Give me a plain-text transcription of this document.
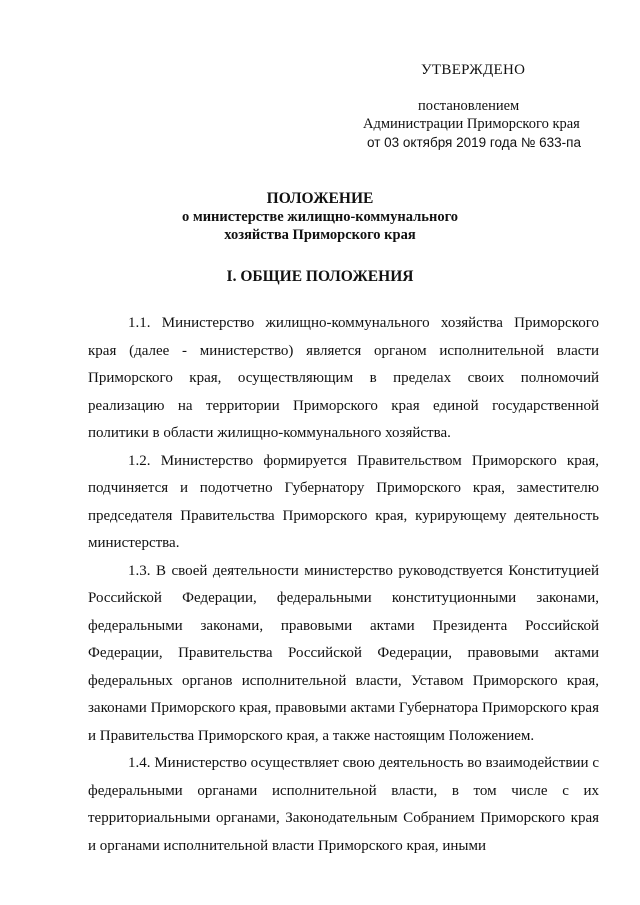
УТВЕРЖДЕНО
постановлением
Администрации Приморского края
от 03 октября 2019 года № 633-па
ПОЛОЖЕНИЕ
о министерстве жилищно-коммунального
хозяйства Приморского края
I. ОБЩИЕ ПОЛОЖЕНИЯ

1.1. Министерство жилищно-коммунального хозяйства Приморского края (далее - министерство) является органом исполнительной власти Приморского края, осуществляющим в пределах своих полномочий реализацию на территории Приморского края единой государственной политики в области жилищно-коммунального хозяйства.

1.2. Министерство формируется Правительством Приморского края, подчиняется и подотчетно Губернатору Приморского края, заместителю председателя Правительства Приморского края, курирующему деятельность министерства.

1.3. В своей деятельности министерство руководствуется Конституцией Российской Федерации, федеральными конституционными законами, федеральными законами, правовыми актами Президента Российской Федерации, Правительства Российской Федерации, правовыми актами федеральных органов исполнительной власти, Уставом Приморского края, законами Приморского края, правовыми актами Губернатора Приморского края и Правительства Приморского края, а также настоящим Положением.

1.4. Министерство осуществляет свою деятельность во взаимодействии с федеральными органами исполнительной власти, в том числе с их территориальными органами, Законодательным Собранием Приморского края и органами исполнительной власти Приморского края, иными
